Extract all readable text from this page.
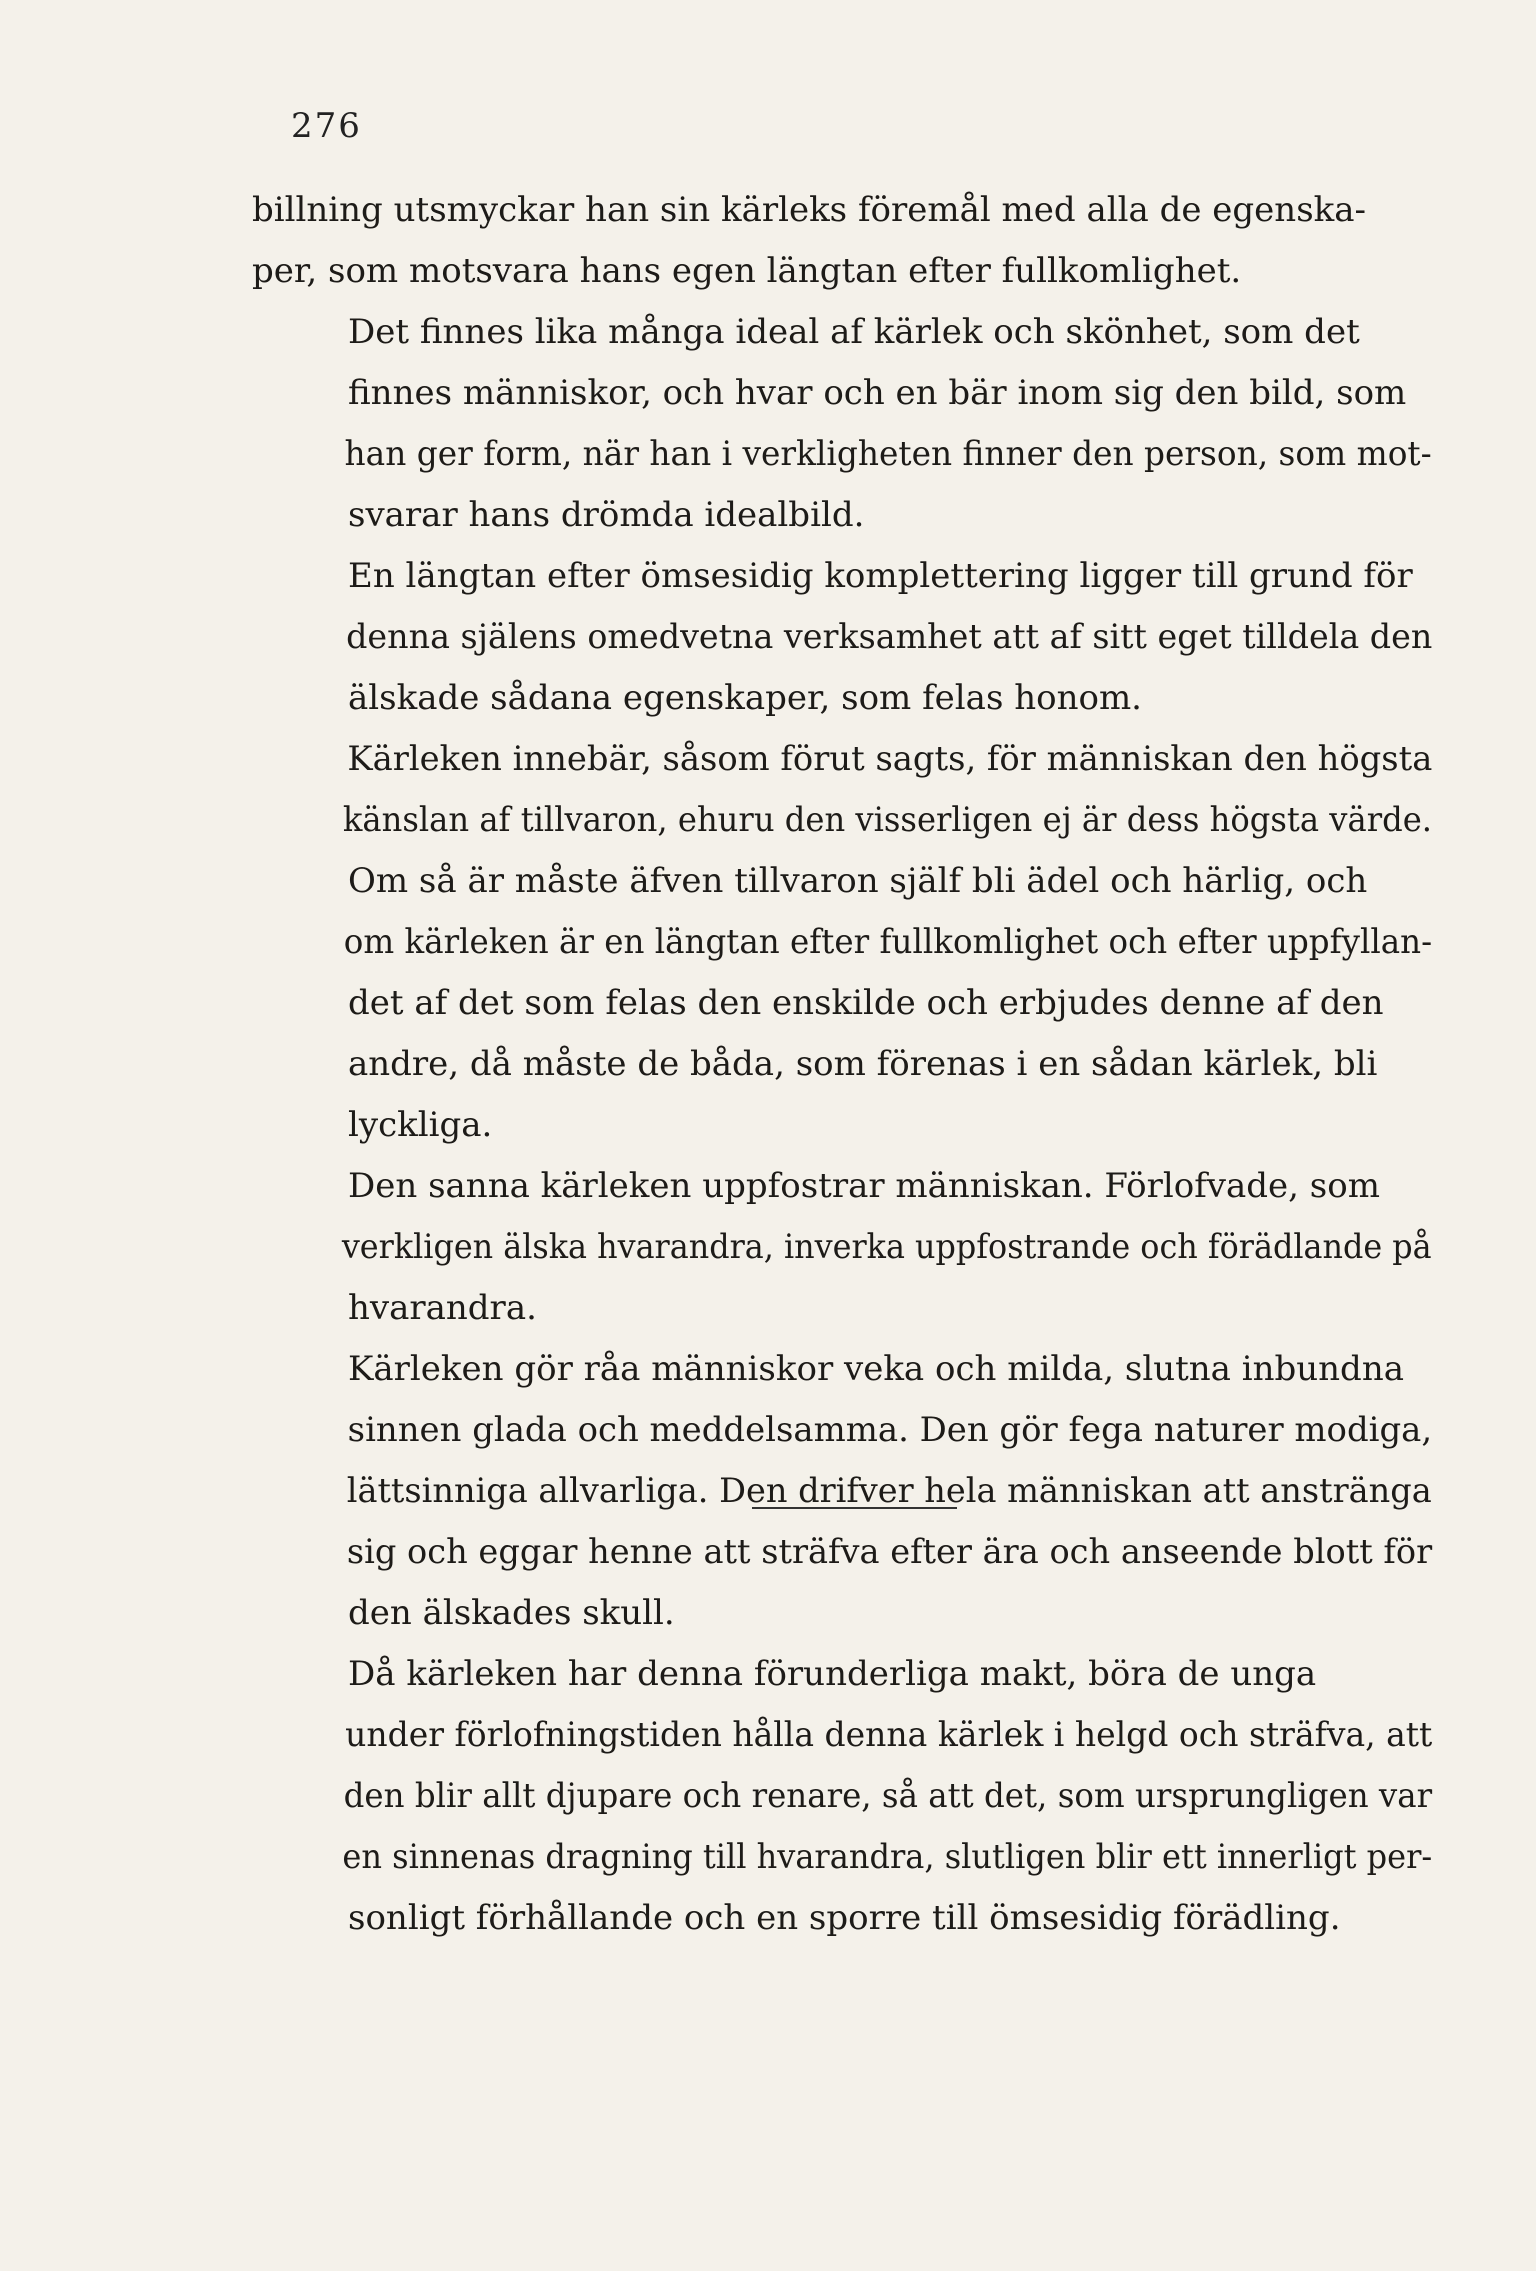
276

billning utsmyckar han sin kärleks föremål med alla de egenska-
per, som motsvara hans egen längtan efter fullkomlighet.

Det finnes lika många ideal af kärlek och skönhet, som det
finnes människor, och hvar och en bär inom sig den bild, som
han ger form, när han i verkligheten finner den person, som mot-
svarar hans drömda idealbild.

En längtan efter ömsesidig komplettering ligger till grund för
denna själens omedvetna verksamhet att af sitt eget tilldela den
älskade sådana egenskaper, som felas honom.

Kärleken innebär, såsom förut sagts, för människan den högsta
känslan af tillvaron, ehuru den visserligen ej är dess högsta värde.

Om så är måste äfven tillvaron själf bli ädel och härlig, och
om kärleken är en längtan efter fullkomlighet och efter uppfyllan-
det af det som felas den enskilde och erbjudes denne af den
andre, då måste de båda, som förenas i en sådan kärlek, bli
lyckliga.

Den sanna kärleken uppfostrar människan. Förlofvade, som
verkligen älska hvarandra, inverka uppfostrande och förädlande på
hvarandra.

Kärleken gör råa människor veka och milda, slutna inbundna
sinnen glada och meddelsamma. Den gör fega naturer modiga,
lättsinniga allvarliga. Den drifver hela människan att anstränga
sig och eggar henne att sträfva efter ära och anseende blott för
den älskades skull.

Då kärleken har denna förunderliga makt, böra de unga
under förlofningstiden hålla denna kärlek i helgd och sträfva, att
den blir allt djupare och renare, så att det, som ursprungligen var
en sinnenas dragning till hvarandra, slutligen blir ett innerligt per-
sonligt förhållande och en sporre till ömsesidig förädling.
